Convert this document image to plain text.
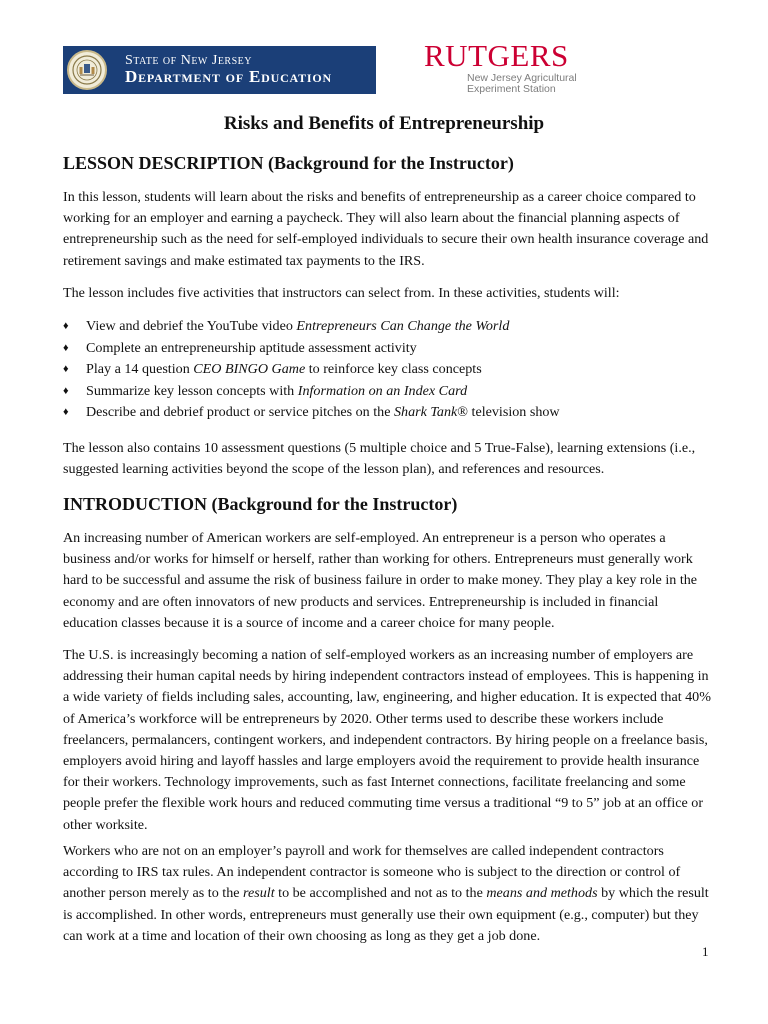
State of New Jersey
Department of Education
RUTGERS
New Jersey Agricultural
Experiment Station
Risks and Benefits of Entrepreneurship
LESSON DESCRIPTION (Background for the Instructor)

In this lesson, students will learn about the risks and benefits of entrepreneurship as a career choice compared to working for an employer and earning a paycheck. They will also learn about the financial planning aspects of entrepreneurship such as the need for self-employed individuals to secure their own health insurance coverage and retirement savings and make estimated tax payments to the IRS.

The lesson includes five activities that instructors can select from. In these activities, students will:

♦ View and debrief the YouTube video Entrepreneurs Can Change the World
♦ Complete an entrepreneurship aptitude assessment activity
♦ Play a 14 question CEO BINGO Game to reinforce key class concepts
♦ Summarize key lesson concepts with Information on an Index Card
♦ Describe and debrief product or service pitches on the Shark Tank® television show

The lesson also contains 10 assessment questions (5 multiple choice and 5 True-False), learning extensions (i.e., suggested learning activities beyond the scope of the lesson plan), and references and resources.

INTRODUCTION (Background for the Instructor)

An increasing number of American workers are self-employed. An entrepreneur is a person who operates a business and/or works for himself or herself, rather than working for others. Entrepreneurs must generally work hard to be successful and assume the risk of business failure in order to make money. They play a key role in the economy and are often innovators of new products and services. Entrepreneurship is included in financial education classes because it is a source of income and a career choice for many people.

The U.S. is increasingly becoming a nation of self-employed workers as an increasing number of employers are addressing their human capital needs by hiring independent contractors instead of employees. This is happening in a wide variety of fields including sales, accounting, law, engineering, and higher education. It is expected that 40% of America’s workforce will be entrepreneurs by 2020. Other terms used to describe these workers include freelancers, permalancers, contingent workers, and independent contractors. By hiring people on a freelance basis, employers avoid hiring and layoff hassles and large employers avoid the requirement to provide health insurance for their workers. Technology improvements, such as fast Internet connections, facilitate freelancing and some people prefer the flexible work hours and reduced commuting time versus a traditional “9 to 5” job at an office or other worksite.

Workers who are not on an employer’s payroll and work for themselves are called independent contractors according to IRS tax rules. An independent contractor is someone who is subject to the direction or control of another person merely as to the result to be accomplished and not as to the means and methods by which the result is accomplished. In other words, entrepreneurs must generally use their own equipment (e.g., computer) but they can work at a time and location of their own choosing as long as they get a job done.

1
